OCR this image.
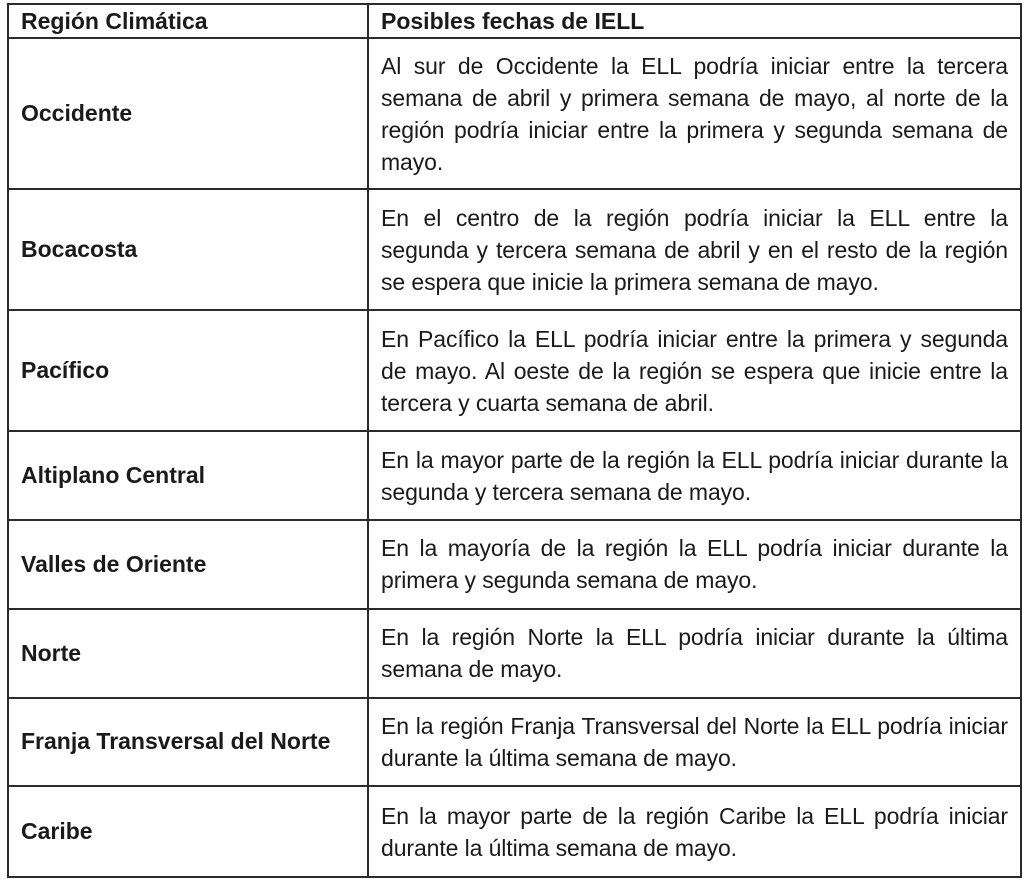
Región Climática	Posibles fechas de IELL
Occidente	Al sur de Occidente la ELL podría iniciar entre la tercera semana de abril y primera semana de mayo, al norte de la región podría iniciar entre la primera y segunda semana de mayo.
Bocacosta	En el centro de la región podría iniciar la ELL entre la segunda y tercera semana de abril y en el resto de la región se espera que inicie la primera semana de mayo.
Pacífico	En Pacífico la ELL podría iniciar entre la primera y segunda de mayo. Al oeste de la región se espera que inicie entre la tercera y cuarta semana de abril.
Altiplano Central	En la mayor parte de la región la ELL podría iniciar durante la segunda y tercera semana de mayo.
Valles de Oriente	En la mayoría de la región la ELL podría iniciar durante la primera y segunda semana de mayo.
Norte	En la región Norte la ELL podría iniciar durante la última semana de mayo.
Franja Transversal del Norte	En la región Franja Transversal del Norte la ELL podría iniciar durante la última semana de mayo.
Caribe	En la mayor parte de la región Caribe la ELL podría iniciar durante la última semana de mayo.
